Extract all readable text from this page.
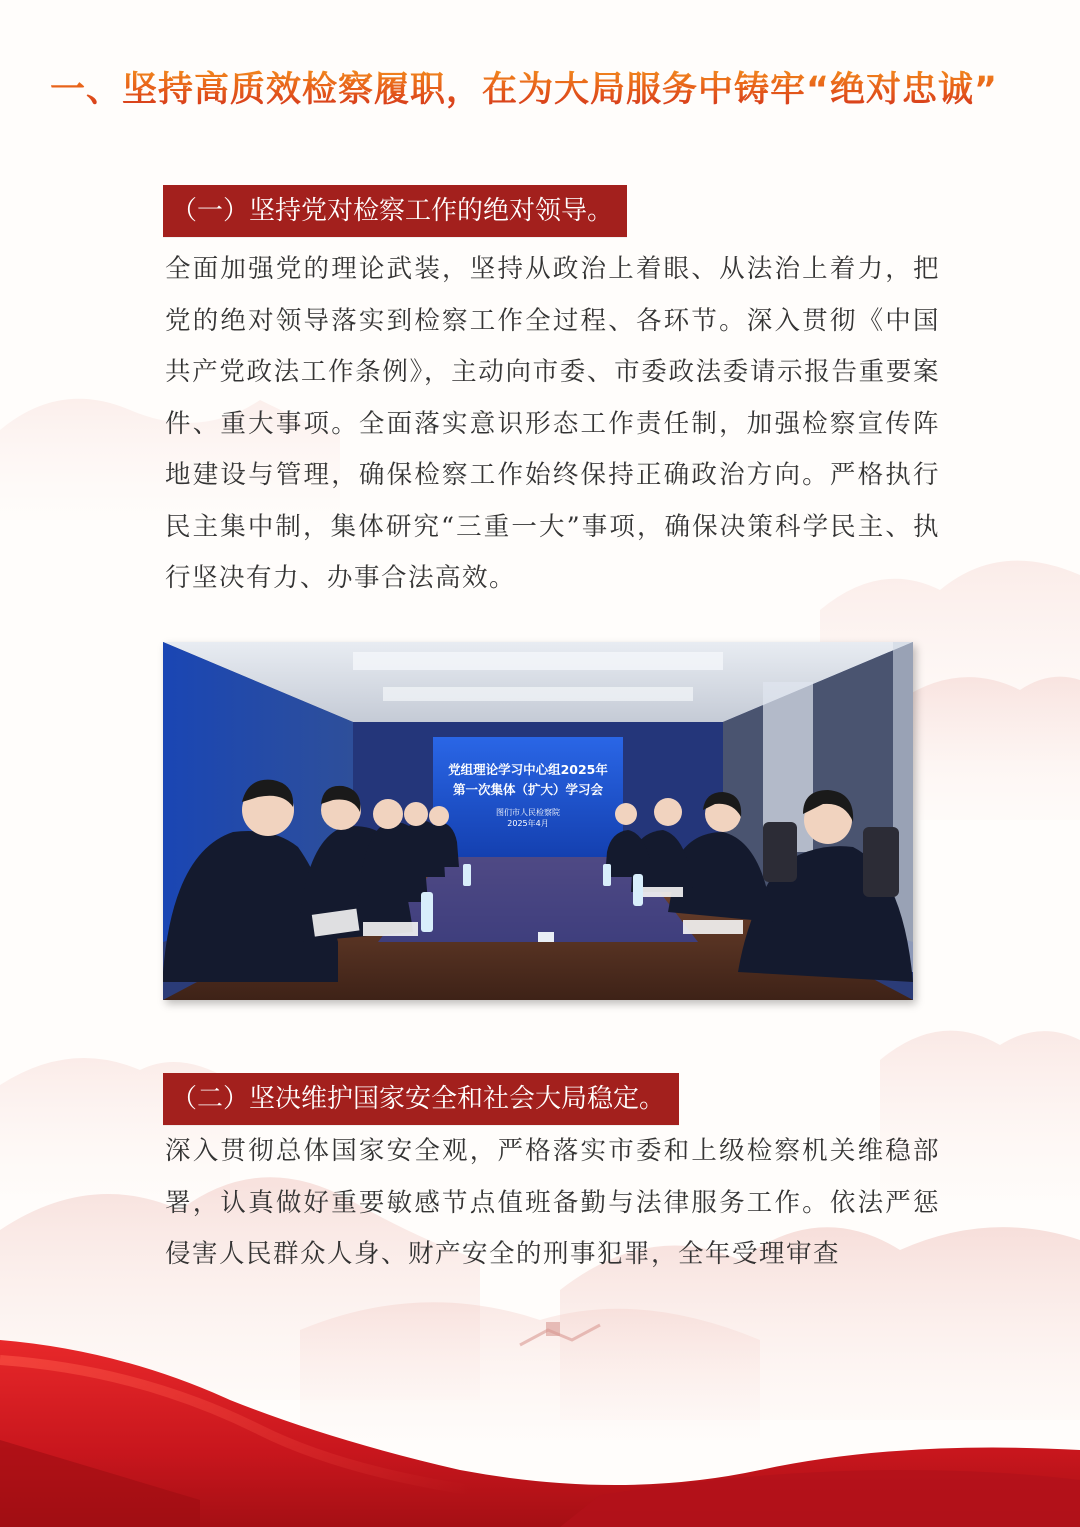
一、坚持高质效检察履职，在为大局服务中铸牢“绝对忠诚”
（一）坚持党对检察工作的绝对领导。
全面加强党的理论武装，坚持从政治上着眼、从法治上着力，把党的绝对领导落实到检察工作全过程、各环节。深入贯彻《中国共产党政法工作条例》，主动向市委、市委政法委请示报告重要案件、重大事项。全面落实意识形态工作责任制，加强检察宣传阵地建设与管理，确保检察工作始终保持正确政治方向。严格执行民主集中制，集体研究“三重一大”事项，确保决策科学民主、执行坚决有力、办事合法高效。
党组理论学习中心组2025年
第一次集体（扩大）学习会
图们市人民检察院
2025年4月
（二）坚决维护国家安全和社会大局稳定。
深入贯彻总体国家安全观，严格落实市委和上级检察机关维稳部署，认真做好重要敏感节点值班备勤与法律服务工作。依法严惩侵害人民群众人身、财产安全的刑事犯罪，全年受理审查
